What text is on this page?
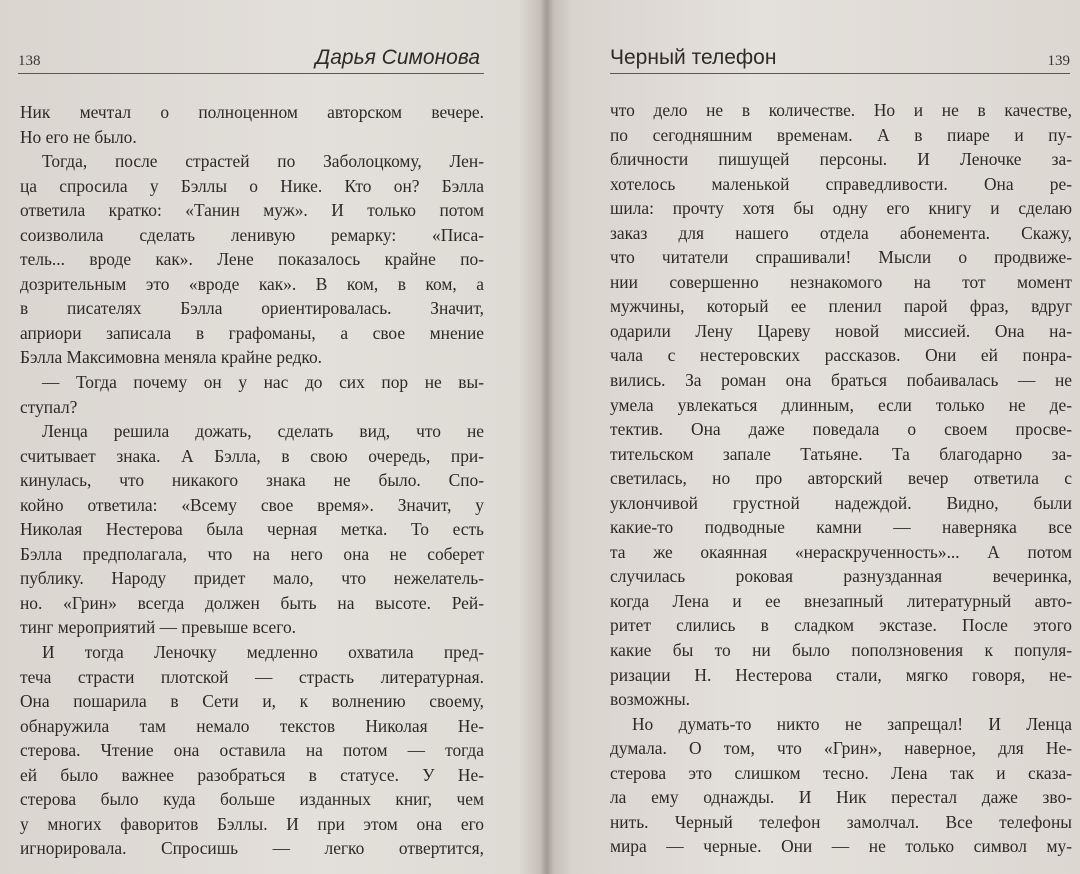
138	Дарья Симонова
Ник мечтал о полноценном авторском вечере.
Но его не было.
Тогда, после страстей по Заболоцкому, Лен-
ца спросила у Бэллы о Нике. Кто он? Бэлла
ответила кратко: «Танин муж». И только потом
соизволила сделать ленивую ремарку: «Писа-
тель... вроде как». Лене показалось крайне по-
дозрительным это «вроде как». В ком, в ком, а
в писателях Бэлла ориентировалась. Значит,
априори записала в графоманы, а свое мнение
Бэлла Максимовна меняла крайне редко.
— Тогда почему он у нас до сих пор не вы-
ступал?
Ленца решила дожать, сделать вид, что не
считывает знака. А Бэлла, в свою очередь, при-
кинулась, что никакого знака не было. Спо-
койно ответила: «Всему свое время». Значит, у
Николая Нестерова была черная метка. То есть
Бэлла предполагала, что на него она не соберет
публику. Народу придет мало, что нежелатель-
но. «Грин» всегда должен быть на высоте. Рей-
тинг мероприятий — превыше всего.
И тогда Леночку медленно охватила пред-
теча страсти плотской — страсть литературная.
Она пошарила в Сети и, к волнению своему,
обнаружила там немало текстов Николая Не-
стерова. Чтение она оставила на потом — тогда
ей было важнее разобраться в статусе. У Не-
стерова было куда больше изданных книг, чем
у многих фаворитов Бэллы. И при этом она его
игнорировала. Спросишь — легко отвертится,
Черный телефон	139
что дело не в количестве. Но и не в качестве,
по сегодняшним временам. А в пиаре и пу-
бличности пишущей персоны. И Леночке за-
хотелось маленькой справедливости. Она ре-
шила: прочту хотя бы одну его книгу и сделаю
заказ для нашего отдела абонемента. Скажу,
что читатели спрашивали! Мысли о продвиже-
нии совершенно незнакомого на тот момент
мужчины, который ее пленил парой фраз, вдруг
одарили Лену Цареву новой миссией. Она на-
чала с нестеровских рассказов. Они ей понра-
вились. За роман она браться побаивалась — не
умела увлекаться длинным, если только не де-
тектив. Она даже поведала о своем просве-
тительском запале Татьяне. Та благодарно за-
светилась, но про авторский вечер ответила с
уклончивой грустной надеждой. Видно, были
какие-то подводные камни — наверняка все
та же окаянная «нераскрученность»... А потом
случилась роковая разнузданная вечеринка,
когда Лена и ее внезапный литературный авто-
ритет слились в сладком экстазе. После этого
какие бы то ни было поползновения к популя-
ризации Н. Нестерова стали, мягко говоря, не-
возможны.
Но думать-то никто не запрещал! И Ленца
думала. О том, что «Грин», наверное, для Не-
стерова это слишком тесно. Лена так и сказа-
ла ему однажды. И Ник перестал даже зво-
нить. Черный телефон замолчал. Все телефоны
мира — черные. Они — не только символ му-
